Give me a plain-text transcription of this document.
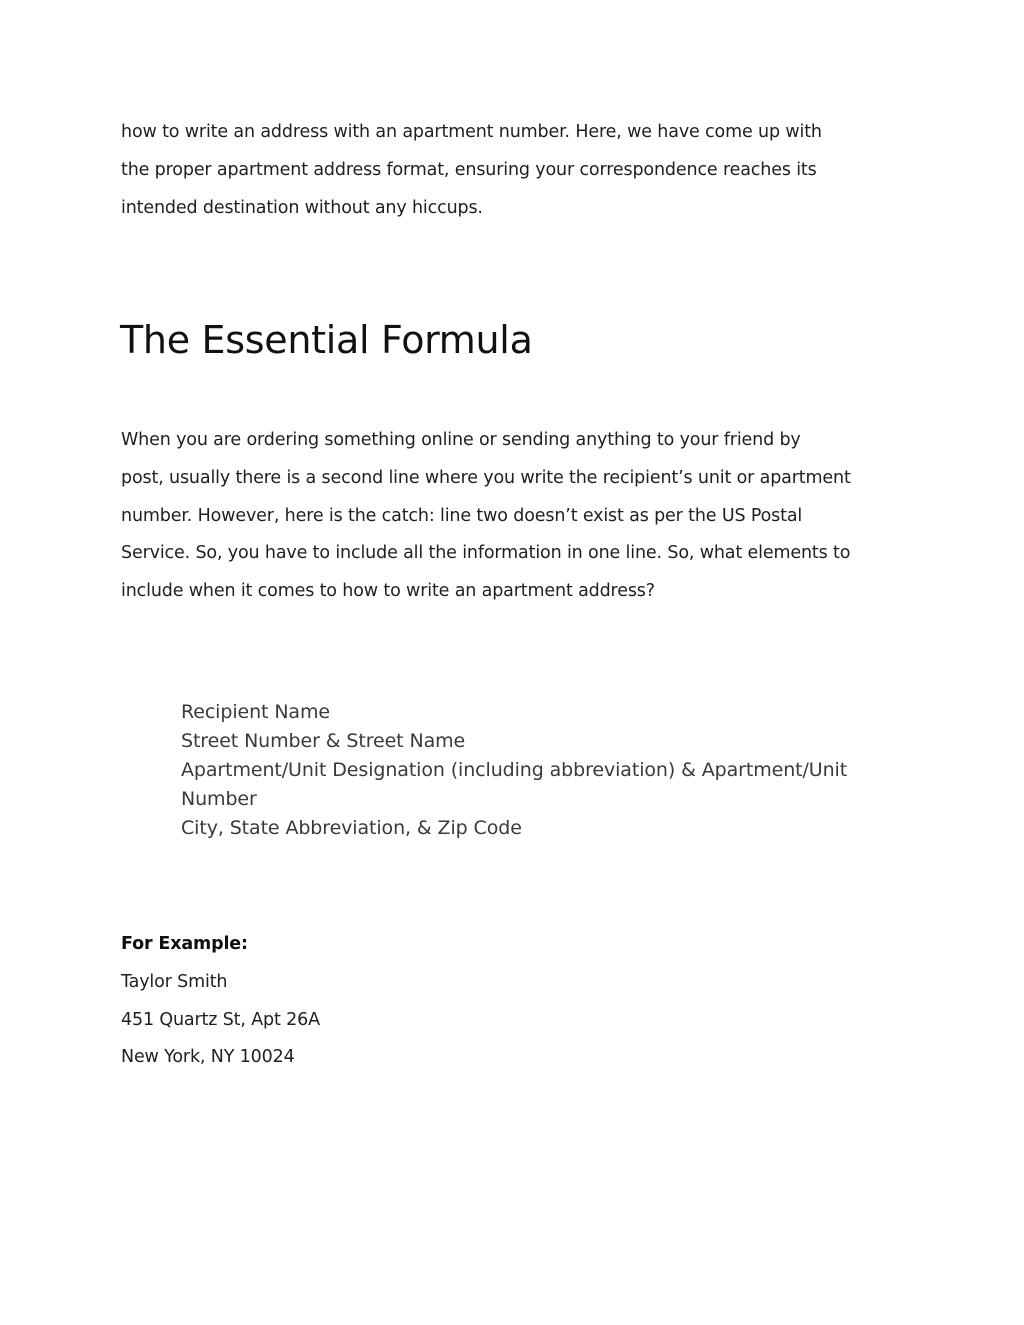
how to write an address with an apartment number. Here, we have come up with
the proper apartment address format, ensuring your correspondence reaches its
intended destination without any hiccups.

The Essential Formula

When you are ordering something online or sending anything to your friend by
post, usually there is a second line where you write the recipient’s unit or apartment
number. However, here is the catch: line two doesn’t exist as per the US Postal
Service. So, you have to include all the information in one line. So, what elements to
include when it comes to how to write an apartment address?

Recipient Name
Street Number & Street Name
Apartment/Unit Designation (including abbreviation) & Apartment/Unit
Number
City, State Abbreviation, & Zip Code
For Example:
Taylor Smith
451 Quartz St, Apt 26A
New York, NY 10024
